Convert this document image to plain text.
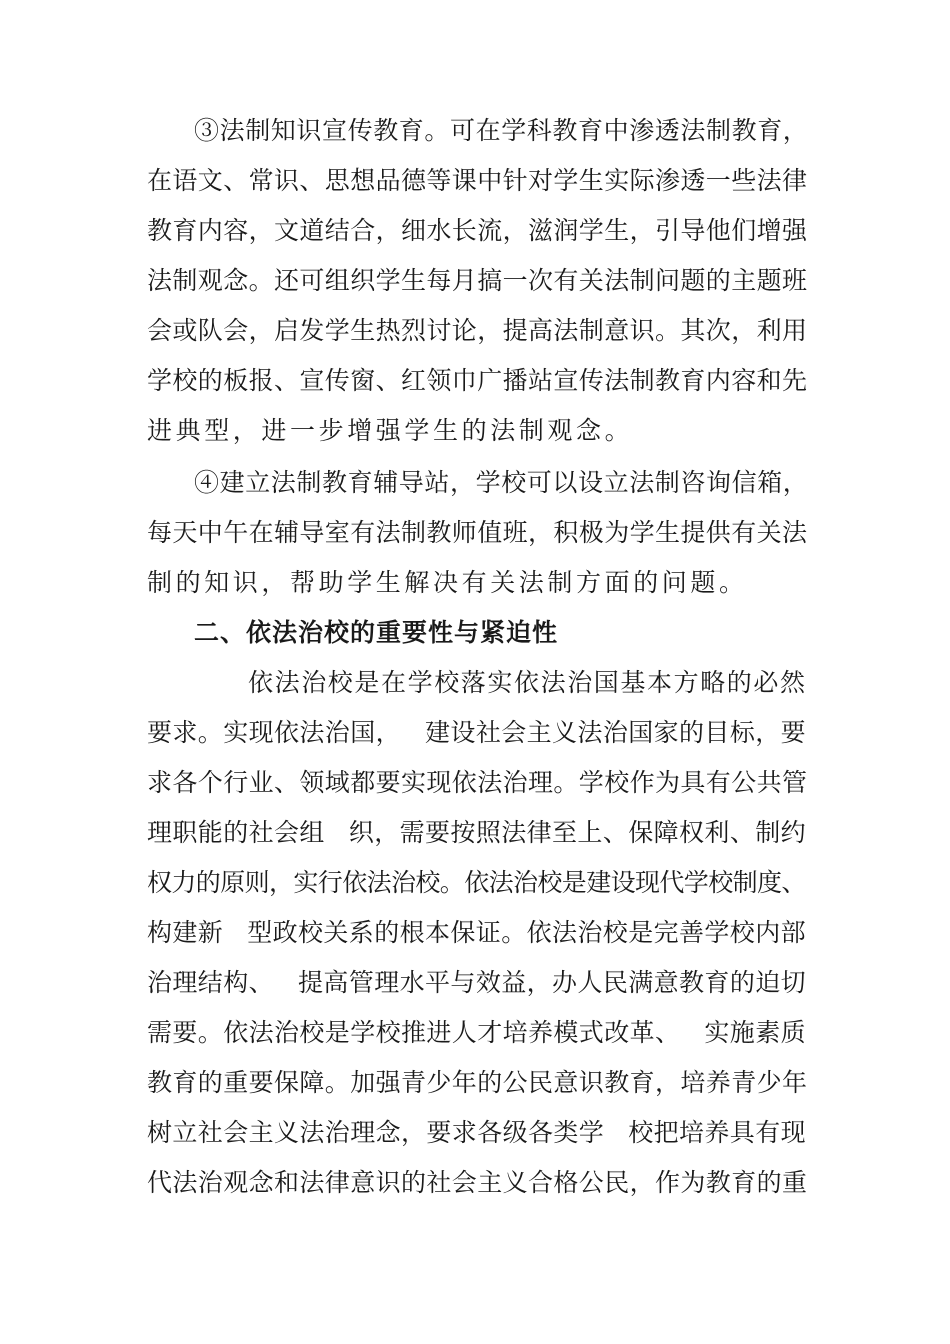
③法制知识宣传教育。可在学科教育中渗透法制教育，
在语文、常识、思想品德等课中针对学生实际渗透一些法律
教育内容，文道结合，细水长流，滋润学生，引导他们增强
法制观念。还可组织学生每月搞一次有关法制问题的主题班
会或队会，启发学生热烈讨论，提高法制意识。其次，利用
学校的板报、宣传窗、红领巾广播站宣传法制教育内容和先
进典型，进一步增强学生的法制观念。
④建立法制教育辅导站，学校可以设立法制咨询信箱，
每天中午在辅导室有法制教师值班，积极为学生提供有关法
制的知识，帮助学生解决有关法制方面的问题。
二、依法治校的重要性与紧迫性
依法治校是在学校落实依法治国基本方略的必然
要求。实现依法治国， 建设社会主义法治国家的目标，要
求各个行业、领域都要实现依法治理。学校作为具有公共管
理职能的社会组 织，需要按照法律至上、保障权利、制约
权力的原则，实行依法治校。依法治校是建设现代学校制度、
构建新 型政校关系的根本保证。依法治校是完善学校内部
治理结构、 提高管理水平与效益，办人民满意教育的迫切
需要。依法治校是学校推进人才培养模式改革、 实施素质
教育的重要保障。加强青少年的公民意识教育，培养青少年
树立社会主义法治理念，要求各级各类学 校把培养具有现
代法治观念和法律意识的社会主义合格公民，作为教育的重
